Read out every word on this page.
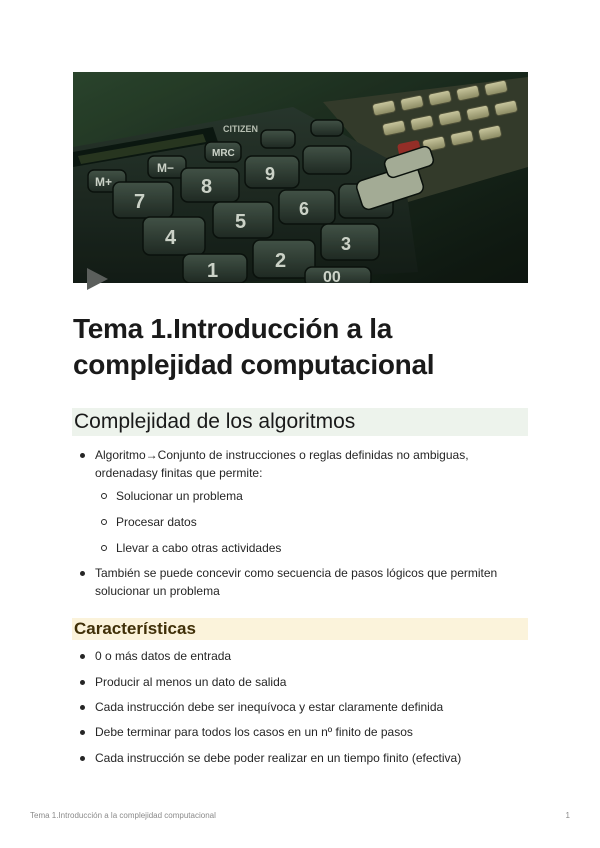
M+
M−
MRC
7
8
9
4
5
6
1	2
3
00
CITIZEN
Tema 1.Introducción a la complejidad computacional
Complejidad de los algoritmos
Algoritmo→Conjunto de instrucciones o reglas definidas no ambiguas, ordenadasy finitas que permite:
Solucionar un problema
Procesar datos
Llevar a cabo otras actividades
También se puede concevir como secuencia de pasos lógicos que permiten solucionar un problema
Características
0 o más datos de entrada
Producir al menos un dato de salida
Cada instrucción debe ser inequívoca y estar claramente definida
Debe terminar para todos los casos en un nº finito de pasos
Cada instrucción se debe poder realizar en un tiempo finito (efectiva)
Tema 1.Introducción a la complejidad computacional	1
